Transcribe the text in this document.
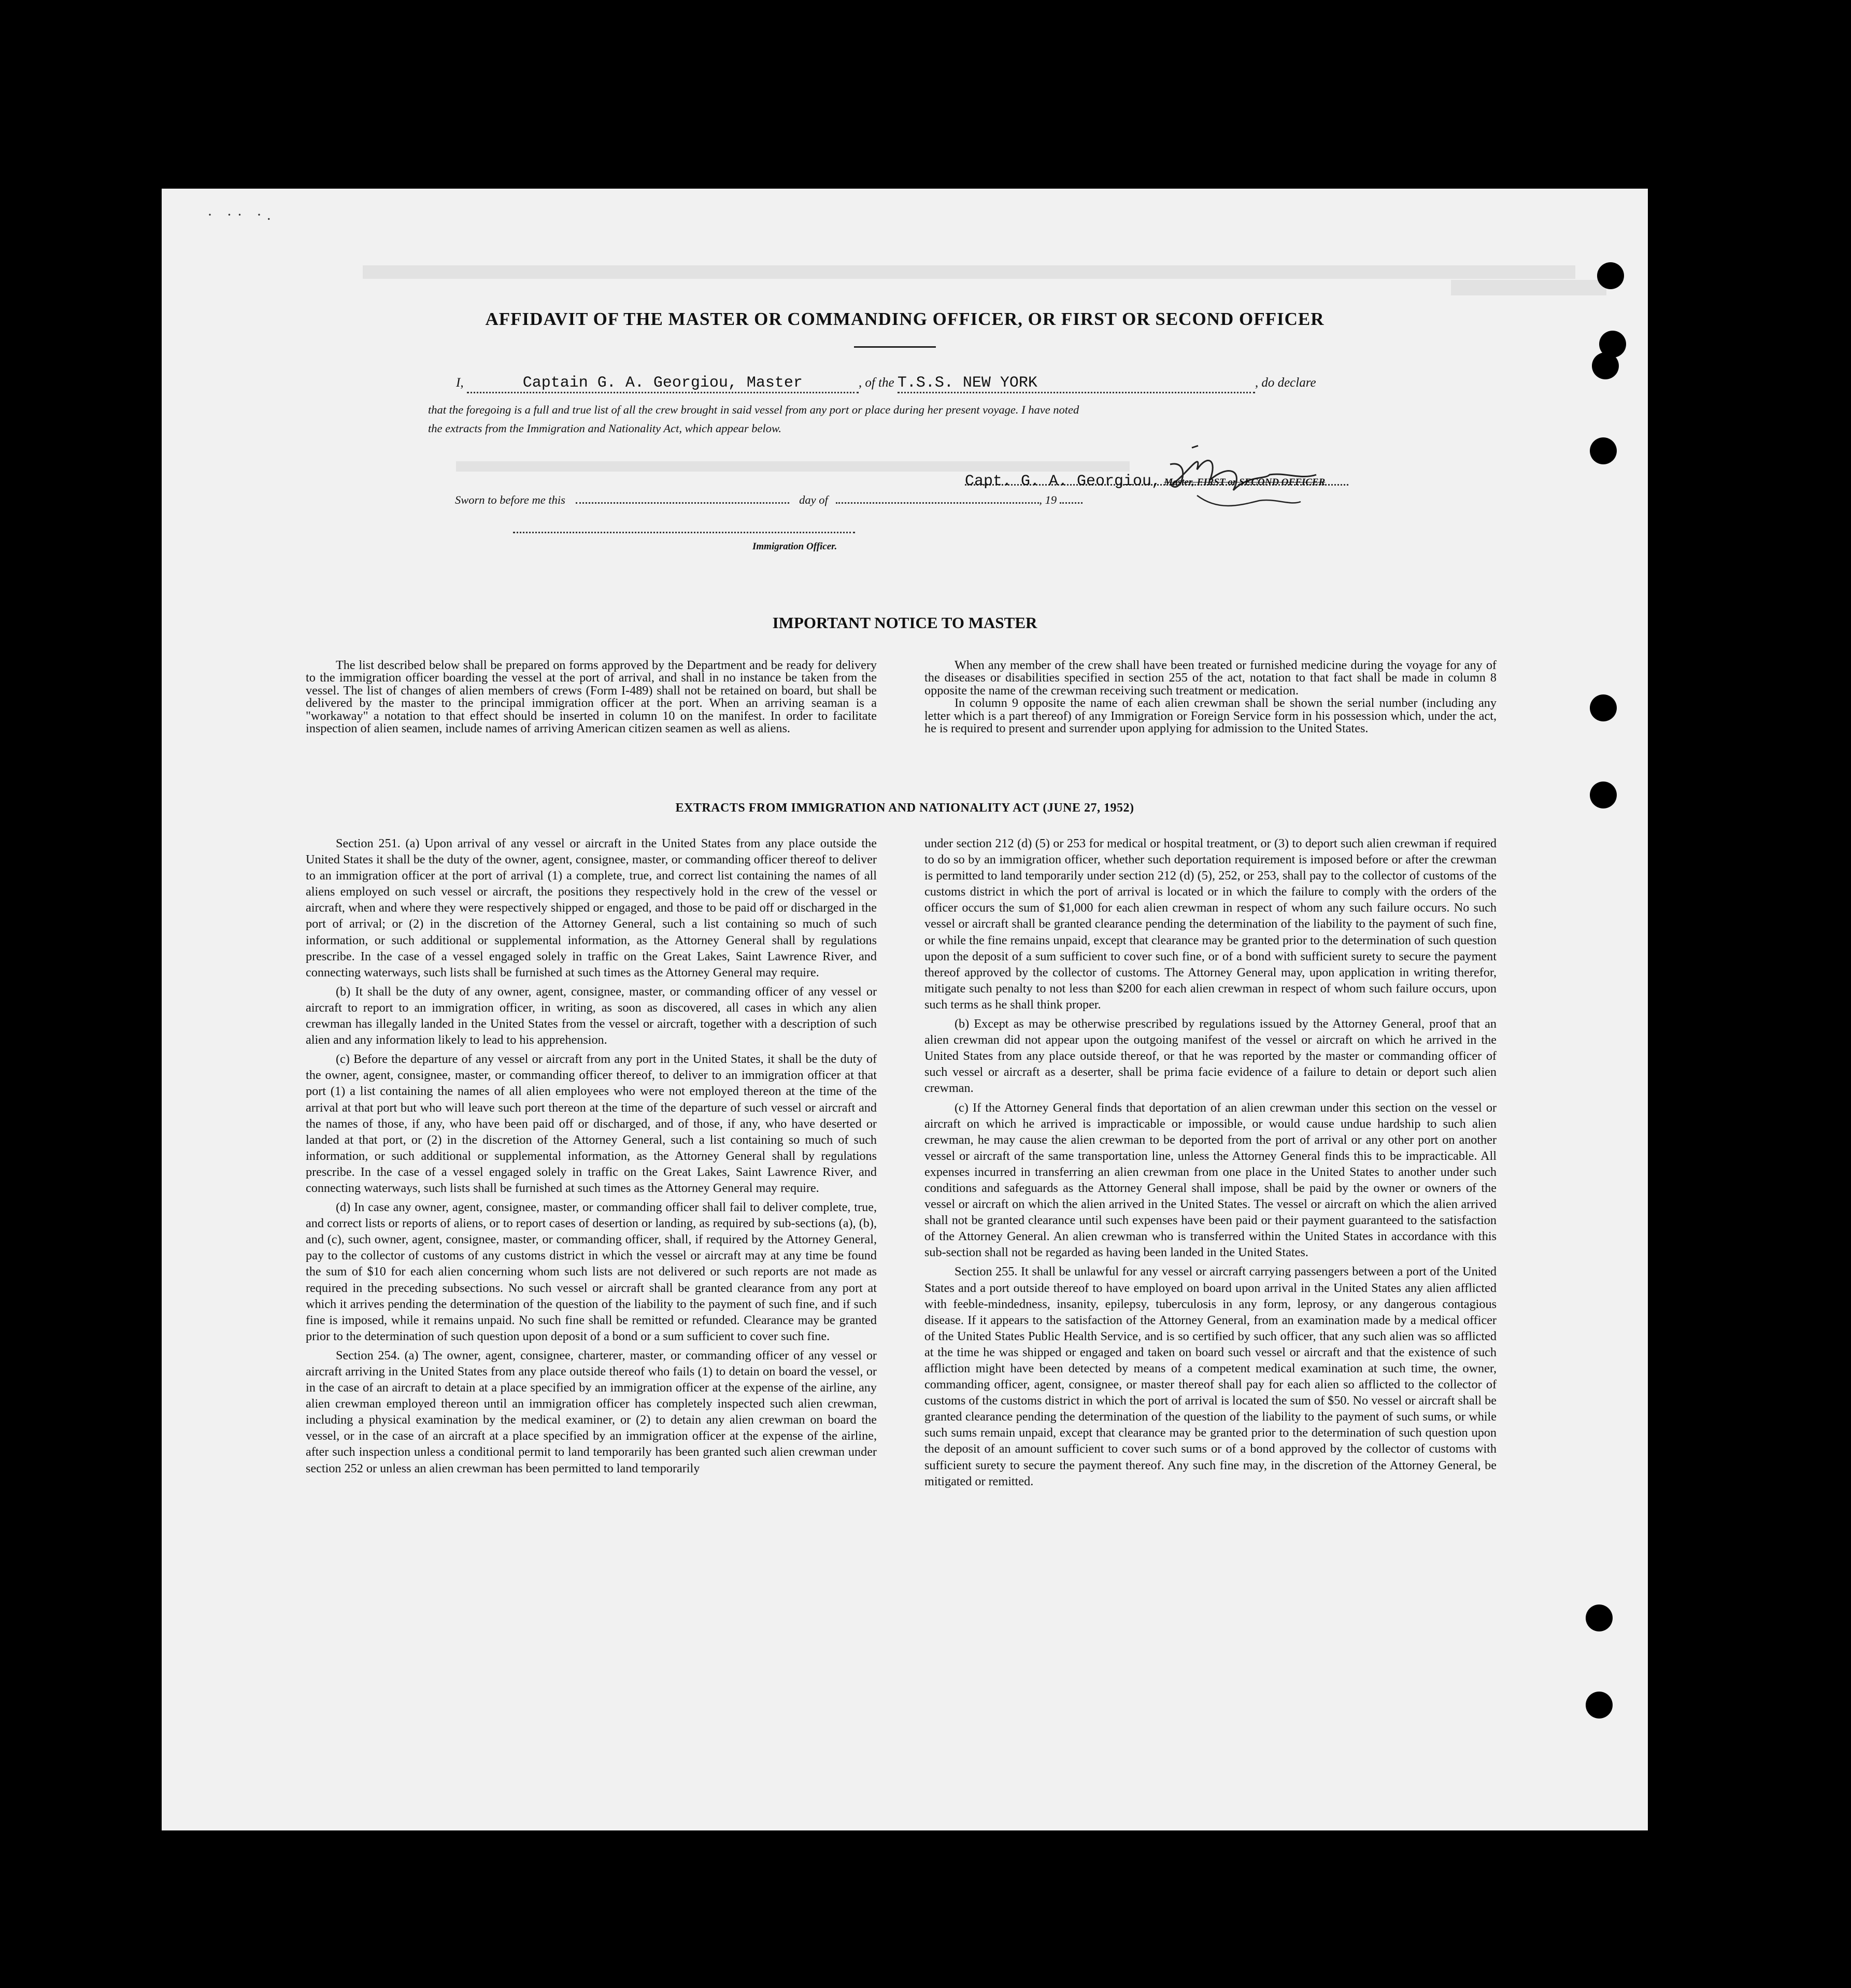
· ·· ·.
AFFIDAVIT OF THE MASTER OR COMMANDING OFFICER, OR FIRST OR SECOND OFFICER
I,	Captain G. A. Georgiou, Master	, of the T.S.S. NEW YORK	, do declare
that the foregoing is a full and true list of all the crew brought in said vessel from any port or place during her present voyage. I have noted
the extracts from the Immigration and Nationality Act, which appear below.
Capt. G. A. Georgiou, Master, FIRST or SECOND OFFICER
Sworn to before me this	day of	, 19
Immigration Officer.
IMPORTANT NOTICE TO MASTER

The list described below shall be prepared on forms approved by the Department and be ready for delivery to the immigration officer boarding the vessel at the port of arrival, and shall in no instance be taken from the vessel. The list of changes of alien members of crews (Form I-489) shall not be retained on board, but shall be delivered by the master to the principal immigration officer at the port. When an arriving seaman is a "workaway" a notation to that effect should be inserted in column 10 on the manifest. In order to facilitate inspection of alien seamen, include names of arriving American citizen seamen as well as aliens.

When any member of the crew shall have been treated or furnished medicine during the voyage for any of the diseases or disabilities specified in section 255 of the act, notation to that fact shall be made in column 8 opposite the name of the crewman receiving such treatment or medication.

In column 9 opposite the name of each alien crewman shall be shown the serial number (including any letter which is a part thereof) of any Immigration or Foreign Service form in his possession which, under the act, he is required to present and surrender upon applying for admission to the United States.

EXTRACTS FROM IMMIGRATION AND NATIONALITY ACT (JUNE 27, 1952)

Section 251. (a) Upon arrival of any vessel or aircraft in the United States from any place outside the United States it shall be the duty of the owner, agent, consignee, master, or commanding officer thereof to deliver to an immigration officer at the port of arrival (1) a complete, true, and correct list containing the names of all aliens employed on such vessel or aircraft, the positions they respectively hold in the crew of the vessel or aircraft, when and where they were respectively shipped or engaged, and those to be paid off or discharged in the port of arrival; or (2) in the discretion of the Attorney General, such a list containing so much of such information, or such additional or supplemental information, as the Attorney General shall by regulations prescribe. In the case of a vessel engaged solely in traffic on the Great Lakes, Saint Lawrence River, and connecting waterways, such lists shall be furnished at such times as the Attorney General may require.

(b) It shall be the duty of any owner, agent, consignee, master, or commanding officer of any vessel or aircraft to report to an immigration officer, in writing, as soon as discovered, all cases in which any alien crewman has illegally landed in the United States from the vessel or aircraft, together with a description of such alien and any information likely to lead to his apprehension.

(c) Before the departure of any vessel or aircraft from any port in the United States, it shall be the duty of the owner, agent, consignee, master, or commanding officer thereof, to deliver to an immigration officer at that port (1) a list containing the names of all alien employees who were not employed thereon at the time of the arrival at that port but who will leave such port thereon at the time of the departure of such vessel or aircraft and the names of those, if any, who have been paid off or discharged, and of those, if any, who have deserted or landed at that port, or (2) in the discretion of the Attorney General, such a list containing so much of such information, or such additional or supplemental information, as the Attorney General shall by regulations prescribe. In the case of a vessel engaged solely in traffic on the Great Lakes, Saint Lawrence River, and connecting waterways, such lists shall be furnished at such times as the Attorney General may require.

(d) In case any owner, agent, consignee, master, or commanding officer shall fail to deliver complete, true, and correct lists or reports of aliens, or to report cases of desertion or landing, as required by sub-sections (a), (b), and (c), such owner, agent, consignee, master, or commanding officer, shall, if required by the Attorney General, pay to the collector of customs of any customs district in which the vessel or aircraft may at any time be found the sum of $10 for each alien concerning whom such lists are not delivered or such reports are not made as required in the preceding subsections. No such vessel or aircraft shall be granted clearance from any port at which it arrives pending the determination of the question of the liability to the payment of such fine, and if such fine is imposed, while it remains unpaid. No such fine shall be remitted or refunded. Clearance may be granted prior to the determination of such question upon deposit of a bond or a sum sufficient to cover such fine.

Section 254. (a) The owner, agent, consignee, charterer, master, or commanding officer of any vessel or aircraft arriving in the United States from any place outside thereof who fails (1) to detain on board the vessel, or in the case of an aircraft to detain at a place specified by an immigration officer at the expense of the airline, any alien crewman employed thereon until an immigration officer has completely inspected such alien crewman, including a physical examination by the medical examiner, or (2) to detain any alien crewman on board the vessel, or in the case of an aircraft at a place specified by an immigration officer at the expense of the airline, after such inspection unless a conditional permit to land temporarily has been granted such alien crewman under section 252 or unless an alien crewman has been permitted to land temporarily

under section 212 (d) (5) or 253 for medical or hospital treatment, or (3) to deport such alien crewman if required to do so by an immigration officer, whether such deportation requirement is imposed before or after the crewman is permitted to land temporarily under section 212 (d) (5), 252, or 253, shall pay to the collector of customs of the customs district in which the port of arrival is located or in which the failure to comply with the orders of the officer occurs the sum of $1,000 for each alien crewman in respect of whom any such failure occurs. No such vessel or aircraft shall be granted clearance pending the determination of the liability to the payment of such fine, or while the fine remains unpaid, except that clearance may be granted prior to the determination of such question upon the deposit of a sum sufficient to cover such fine, or of a bond with sufficient surety to secure the payment thereof approved by the collector of customs. The Attorney General may, upon application in writing therefor, mitigate such penalty to not less than $200 for each alien crewman in respect of whom such failure occurs, upon such terms as he shall think proper.

(b) Except as may be otherwise prescribed by regulations issued by the Attorney General, proof that an alien crewman did not appear upon the outgoing manifest of the vessel or aircraft on which he arrived in the United States from any place outside thereof, or that he was reported by the master or commanding officer of such vessel or aircraft as a deserter, shall be prima facie evidence of a failure to detain or deport such alien crewman.

(c) If the Attorney General finds that deportation of an alien crewman under this section on the vessel or aircraft on which he arrived is impracticable or impossible, or would cause undue hardship to such alien crewman, he may cause the alien crewman to be deported from the port of arrival or any other port on another vessel or aircraft of the same transportation line, unless the Attorney General finds this to be impracticable. All expenses incurred in transferring an alien crewman from one place in the United States to another under such conditions and safeguards as the Attorney General shall impose, shall be paid by the owner or owners of the vessel or aircraft on which the alien arrived in the United States. The vessel or aircraft on which the alien arrived shall not be granted clearance until such expenses have been paid or their payment guaranteed to the satisfaction of the Attorney General. An alien crewman who is transferred within the United States in accordance with this sub-section shall not be regarded as having been landed in the United States.

Section 255. It shall be unlawful for any vessel or aircraft carrying passengers between a port of the United States and a port outside thereof to have employed on board upon arrival in the United States any alien afflicted with feeble-mindedness, insanity, epilepsy, tuberculosis in any form, leprosy, or any dangerous contagious disease. If it appears to the satisfaction of the Attorney General, from an examination made by a medical officer of the United States Public Health Service, and is so certified by such officer, that any such alien was so afflicted at the time he was shipped or engaged and taken on board such vessel or aircraft and that the existence of such affliction might have been detected by means of a competent medical examination at such time, the owner, commanding officer, agent, consignee, or master thereof shall pay for each alien so afflicted to the collector of customs of the customs district in which the port of arrival is located the sum of $50. No vessel or aircraft shall be granted clearance pending the determination of the question of the liability to the payment of such sums, or while such sums remain unpaid, except that clearance may be granted prior to the determination of such question upon the deposit of an amount sufficient to cover such sums or of a bond approved by the collector of customs with sufficient surety to secure the payment thereof. Any such fine may, in the discretion of the Attorney General, be mitigated or remitted.
